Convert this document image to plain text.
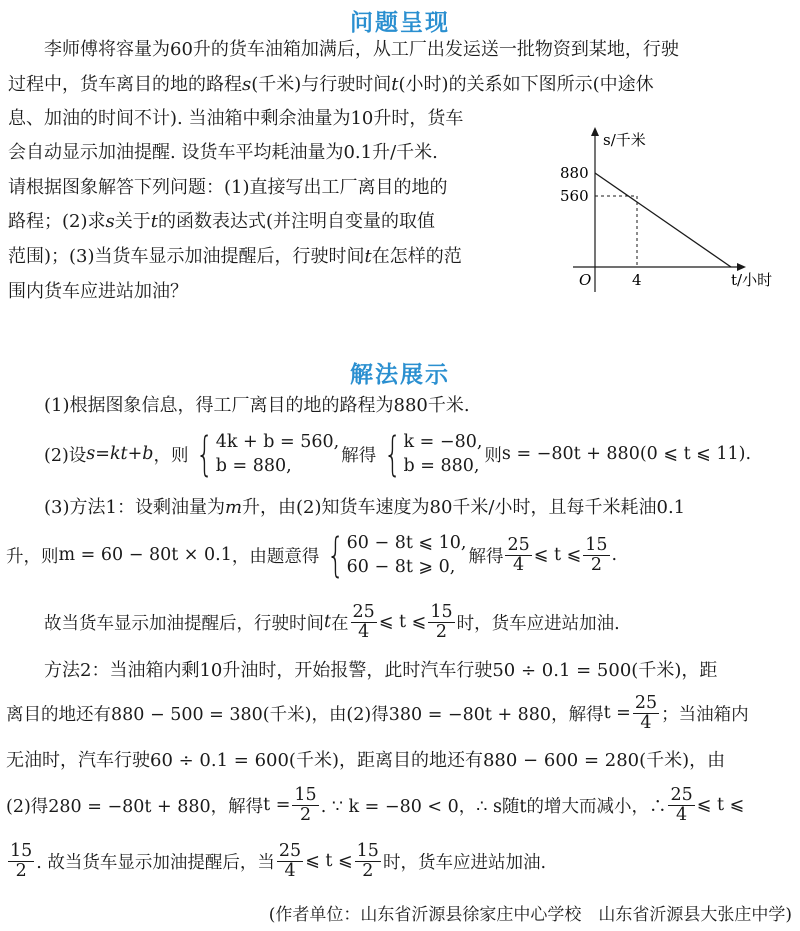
问题呈现
李师傅将容量为60升的货车油箱加满后，从工厂出发运送一批物资到某地，行驶
过程中，货车离目的地的路程s(千米)与行驶时间t(小时)的关系如下图所示(中途休
息、加油的时间不计). 当油箱中剩余油量为10升时，货车
会自动显示加油提醒. 设货车平均耗油量为0.1升/千米.
请根据图象解答下列问题：(1)直接写出工厂离目的地的
路程；(2)求s关于t的函数表达式(并注明自变量的取值
范围)；(3)当货车显示加油提醒后，行驶时间t在怎样的范
围内货车应进站加油？
s/千米
880
560
O	4	t/小时
解法展示
(1)根据图象信息，得工厂离目的地的路程为880千米.
(2)设 s = kt + b ，则 { 4k + b = 560,
b = 880,
解得 { k = −80,
b = 880,
则 s = −80t + 880(0 ⩽ t ⩽ 11).
(3)方法1：设剩油量为m升，由(2)知货车速度为80千米/小时，且每千米耗油0.1
升，则 m = 60 − 80t × 0.1 ，由题意得 { 60 − 8t ⩽ 10,
60 − 8t ⩾ 0,
解得 $\frac{25}{4}$ ⩽ t ⩽ $\frac{15}{2}$ .
故当货车显示加油提醒后，行驶时间 t 在 $\frac{25}{4}$ ⩽ t ⩽ $\frac{15}{2}$ 时，货车应进站加油.
方法2：当油箱内剩10升油时，开始报警，此时汽车行驶50 ÷ 0.1 = 500(千米)，距
离目的地还有880 − 500 = 380(千米)，由(2)得380 = −80t + 880，解得 $t = \frac{25}{4}$ ；当油箱内
无油时，汽车行驶60 ÷ 0.1 = 600(千米)，距离目的地还有880 − 600 = 280(千米)，由
(2)得280 = −80t + 880，解得 $t = \frac{15}{2}$ . ∵ k = −80 < 0，∴ s随t的增大而减小，∴ $\frac{25}{4}$ ⩽ t ⩽
$\frac{15}{2}$ . 故当货车显示加油提醒后，当 $\frac{25}{4}$ ⩽ t ⩽ $\frac{15}{2}$ 时，货车应进站加油.
(作者单位：山东省沂源县徐家庄中心学校　山东省沂源县大张庄中学)
